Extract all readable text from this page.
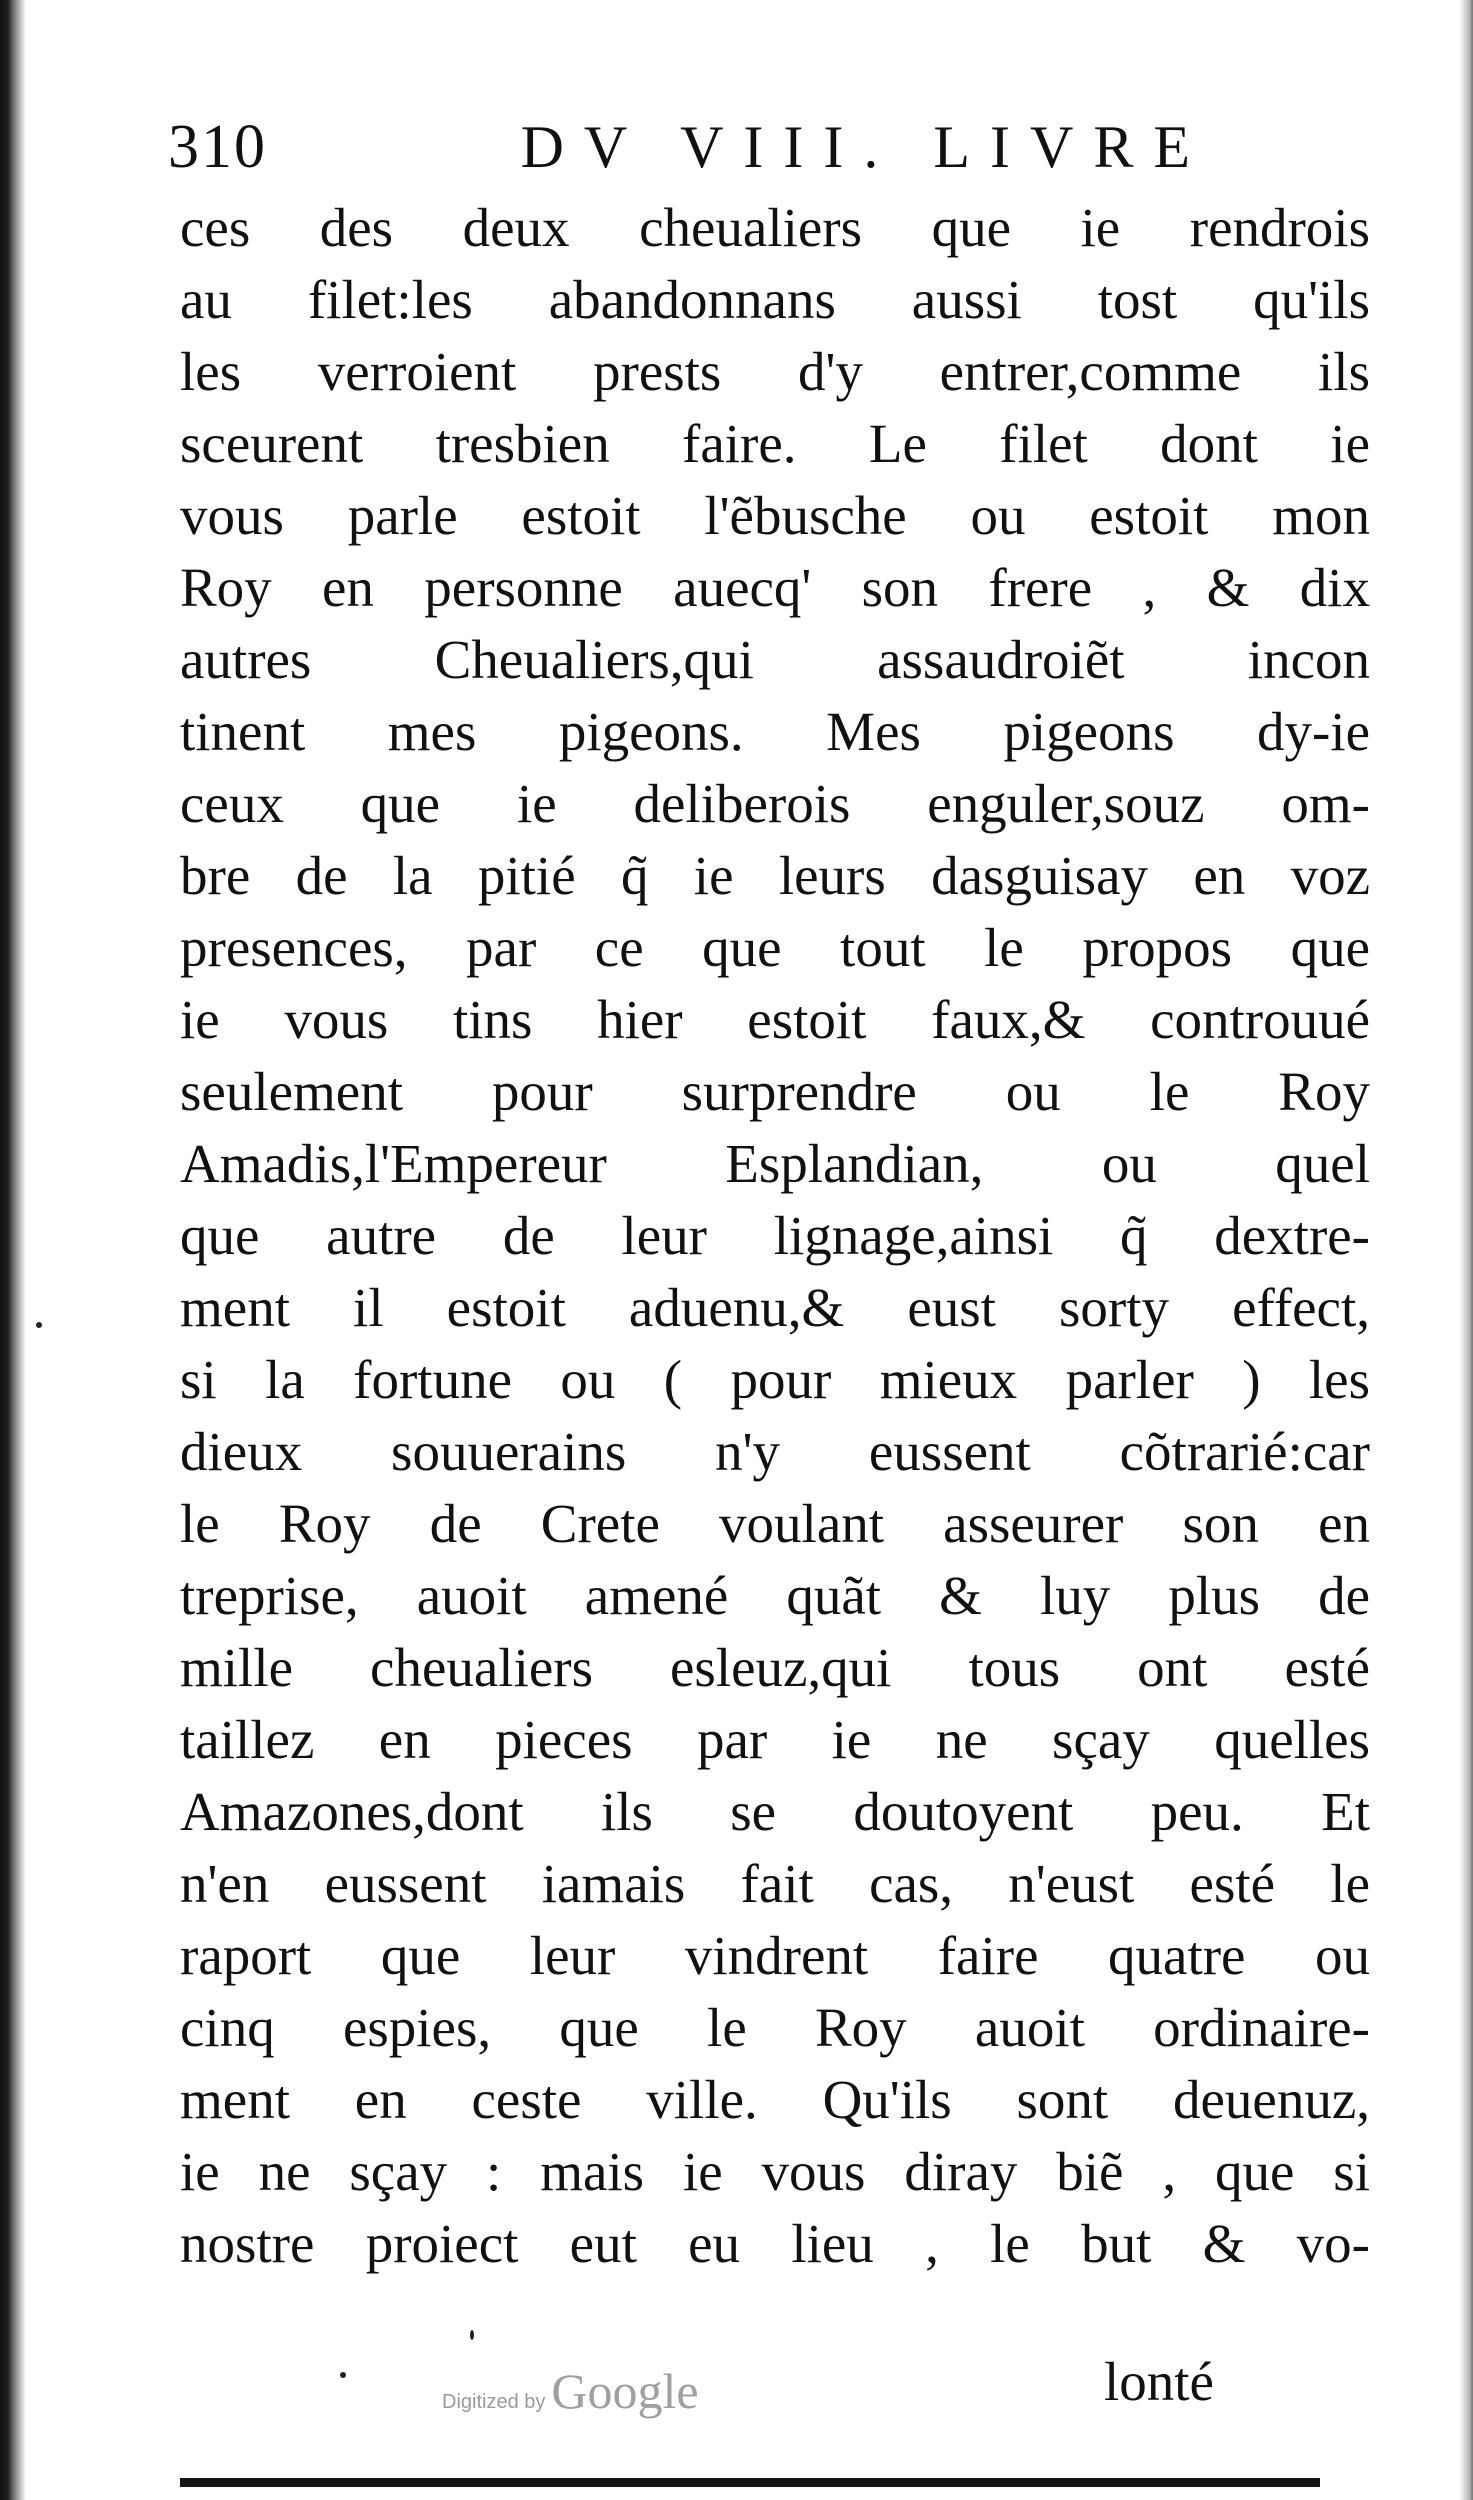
310	DV VIII. LIVRE
ces des deux cheualiers que ie rendrois
au filet:les abandonnans aussi tost qu'ils
les verroient prests d'y entrer,comme ils
sceurent tresbien faire. Le filet dont ie
vous parle estoit l'ẽbusche ou estoit mon
Roy en personne auecq' son frere , & dix
autres Cheualiers,qui assaudroiẽt incon
tinent mes pigeons. Mes pigeons dy-ie
ceux que ie deliberois enguler,souz om-
bre de la pitié q̃ ie leurs dasguisay en voz
presences, par ce que tout le propos que
ie vous tins hier estoit faux,& controuué
seulement pour surprendre ou le Roy
Amadis,l'Empereur Esplandian, ou quel
que autre de leur lignage,ainsi q̃ dextre-
ment il estoit aduenu,& eust sorty effect,
si la fortune ou ( pour mieux parler ) les
dieux souuerains n'y eussent cõtrarié:car
le Roy de Crete voulant asseurer son en
treprise, auoit amené quãt & luy plus de
mille cheualiers esleuz,qui tous ont esté
taillez en pieces par ie ne sçay quelles
Amazones,dont ils se doutoyent peu. Et
n'en eussent iamais fait cas, n'eust esté le
raport que leur vindrent faire quatre ou
cinq espies, que le Roy auoit ordinaire-
ment en ceste ville. Qu'ils sont deuenuz,
ie ne sçay : mais ie vous diray biẽ , que si
nostre proiect eut eu lieu , le but & vo-
Digitized by Google	lonté
